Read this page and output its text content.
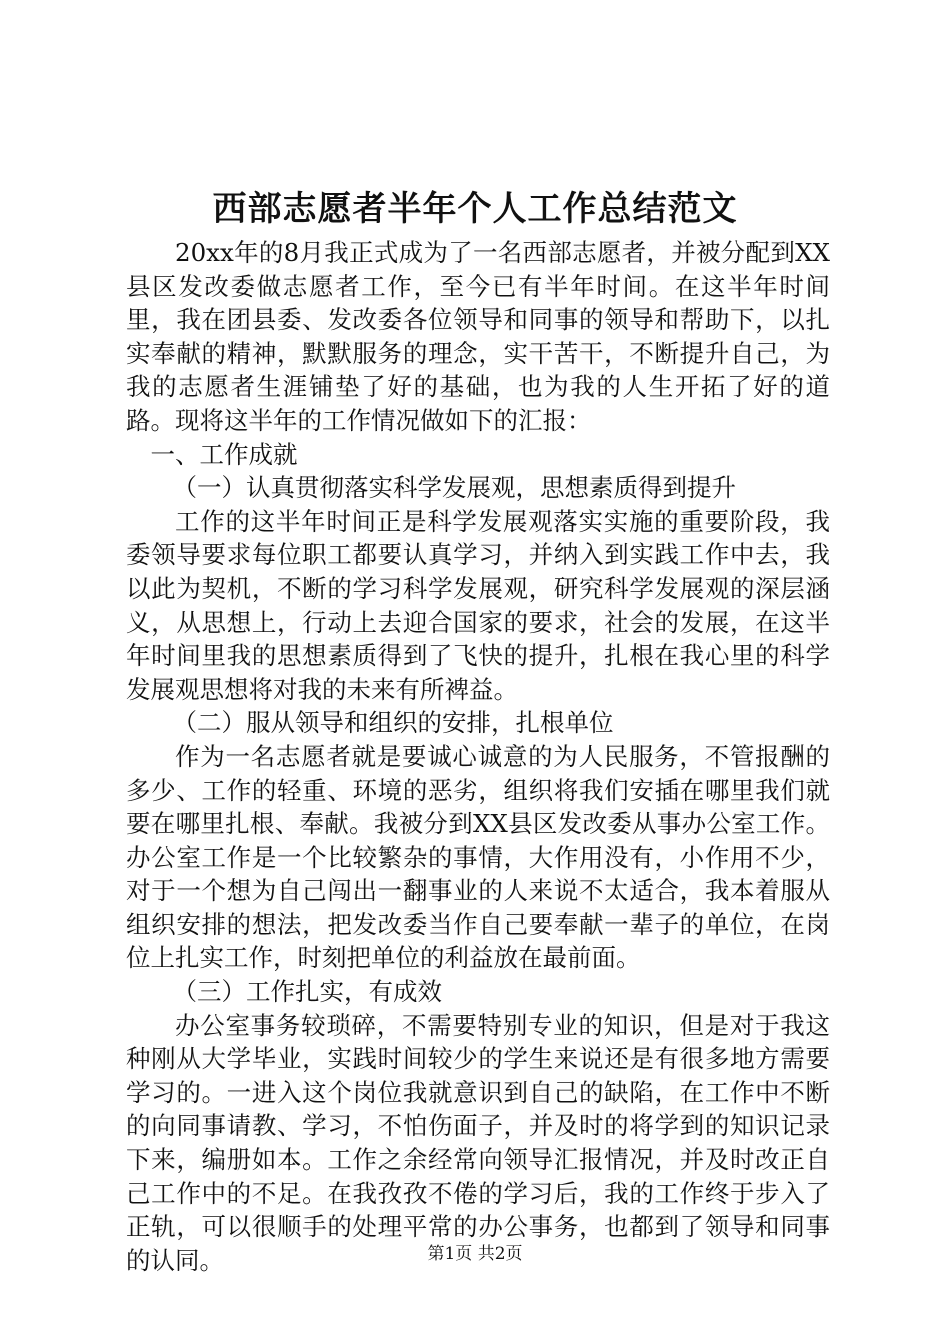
西部志愿者半年个人工作总结范文

20xx年的8月我正式成为了一名西部志愿者，并被分配到XX县区发改委做志愿者工作，至今已有半年时间。在这半年时间里，我在团县委、发改委各位领导和同事的领导和帮助下，以扎实奉献的精神，默默服务的理念，实干苦干，不断提升自己，为我的志愿者生涯铺垫了好的基础，也为我的人生开拓了好的道路。现将这半年的工作情况做如下的汇报：

一、工作成就

（一）认真贯彻落实科学发展观，思想素质得到提升

工作的这半年时间正是科学发展观落实实施的重要阶段，我委领导要求每位职工都要认真学习，并纳入到实践工作中去，我以此为契机，不断的学习科学发展观，研究科学发展观的深层涵义，从思想上，行动上去迎合国家的要求，社会的发展，在这半年时间里我的思想素质得到了飞快的提升，扎根在我心里的科学发展观思想将对我的未来有所裨益。

（二）服从领导和组织的安排，扎根单位

作为一名志愿者就是要诚心诚意的为人民服务，不管报酬的多少、工作的轻重、环境的恶劣，组织将我们安插在哪里我们就要在哪里扎根、奉献。我被分到XX县区发改委从事办公室工作。办公室工作是一个比较繁杂的事情，大作用没有，小作用不少，对于一个想为自己闯出一翻事业的人来说不太适合，我本着服从组织安排的想法，把发改委当作自己要奉献一辈子的单位，在岗位上扎实工作，时刻把单位的利益放在最前面。

（三）工作扎实，有成效

办公室事务较琐碎，不需要特别专业的知识，但是对于我这种刚从大学毕业，实践时间较少的学生来说还是有很多地方需要学习的。一进入这个岗位我就意识到自己的缺陷，在工作中不断的向同事请教、学习，不怕伤面子，并及时的将学到的知识记录下来，编册如本。工作之余经常向领导汇报情况，并及时改正自己工作中的不足。在我孜孜不倦的学习后，我的工作终于步入了正轨，可以很顺手的处理平常的办公事务，也都到了领导和同事的认同。	第1页 共2页
